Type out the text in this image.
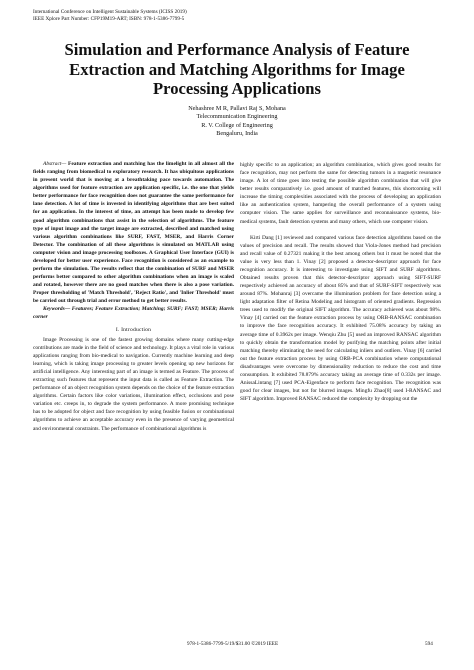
International Conference on Intelligent Sustainable Systems (ICISS 2019)
IEEE Xplore Part Number: CFP19M19-ART; ISBN: 978-1-5386-7799-5
Simulation and Performance Analysis of Feature
Extraction and Matching Algorithms for Image
Processing Applications
Nehashree M R, Pallavi Raj S, Mohana
Telecommunication Engineering
R. V. College of Engineering
Bengaluru, India

Abstract— Feature extraction and matching has the limelight in all almost all the fields ranging from biomedical to exploratory research. It has ubiquitous applications in present world that is moving at a breathtaking pace towards automation. The algorithms used for feature extraction are application specific, i.e. the one that yields better performance for face recognition does not guarantee the same performance for lane detection. A lot of time is invested in identifying algorithms that are best suited for an application. In the interest of time, an attempt has been made to develop few good algorithm combinations that assist in the selection of algorithms. The feature type of input image and the target image are extracted, described and matched using various algorithm combinations like SURF, FAST, MSER, and Harris Corner Detector. The combination of all these algorithms is simulated on MATLAB using computer vision and image processing toolboxes. A Graphical User Interface (GUI) is developed for better user experience. Face recognition is considered as an example to perform the simulation. The results reflect that the combination of SURF and MSER performs better compared to other algorithm combinations when an image is scaled and rotated, however there are no good matches when there is also a pose variation. Proper thresholding of 'Match Threshold', 'Reject Ratio', and 'Inlier Threshold' must be carried out through trial and error method to get better results.

Keywords— Features; Feature Extraction; Matching; SURF; FAST; MSER; Harris corner

I. Introduction

Image Processing is one of the fastest growing domains where many cutting-edge contributions are made in the field of science and technology. It plays a vital role in various applications ranging from bio-medical to navigation. Currently machine learning and deep learning, which is taking image processing to greater levels opening up new horizons for artificial intelligence. Any interesting part of an image is termed as Feature. The process of extracting such features that represent the input data is called as Feature Extraction. The performance of an object recognition system depends on the choice of the feature extraction algorithms. Certain factors like color variations, illumination effect, occlusions and pose variation etc. creeps in, to degrade the system performance. A more promising technique has to be adopted for object and face recognition by using feasible fusion or combinational algorithms to achieve an acceptable accuracy even in the presence of varying geometrical and environmental constraints. The performance of combinational algorithms is

highly specific to an application; an algorithm combination, which gives good results for face recognition, may not perform the same for detecting tumors in a magnetic resonance image. A lot of time goes into testing the possible algorithm combination that will give better results comparatively i.e. good amount of matched features, this shortcoming will increase the timing complexities associated with the process of developing an application like an authentication system, hampering the overall performance of a system using computer vision. The same applies for surveillance and reconnaissance systems, bio-medical systems, fault detection systems and many others, which use computer vision.

Kirti Dang [1] reviewed and compared various face detection algorithms based on the values of precision and recall. The results showed that Viola-Jones method had precision and recall value of 0.27321 making it the best among others but it must be noted that the value is very less than 1. Vinay [2] proposed a detector-descriptor approach for face recognition accuracy. It is interesting to investigate using SIFT and SURF algorithms. Obtained results proven that this detector-descriptor approach using SIFT-SURF respectively achieved an accuracy of about 85% and that of SURF-SIFT respectively was around 87%. Mohanraj [3] overcame the illumination problem for face detection using a light adaptation filter of Retina Modeling and histogram of oriented gradients. Regression trees used to modify the original SIFT algorithm. The accuracy achieved was about 98%. Vinay [4] carried out the feature extraction process by using ORB-RANSAC combination to improve the face recognition accuracy. It exhibited 75.08% accuracy by taking an average time of 0.3962s per image. Wenqiu Zhu [5] used an improved RANSAC algorithm to quickly obtain the transformation model by purifying the matching points after initial matching thereby eliminating the need for calculating inliers and outliers. Vinay [6] carried out the feature extraction process by using ORB-PCA combination where computational disadvantages were overcome by dimensionality reduction to reduce the cost and time consumption. It exhibited 78.879% accuracy taking an average time of 0.332s per image. AnissaLintang [7] used PCA-Eigenface to perform face recognition. The recognition was good for clear images, but not for blurred images. Mingfu Zhao[8] used I-RANSAC and SIFT algorithm. Improved RANSAC reduced the complexity by dropping out the

978-1-5386-7799-5/19/$31.00 ©2019 IEEE	594
